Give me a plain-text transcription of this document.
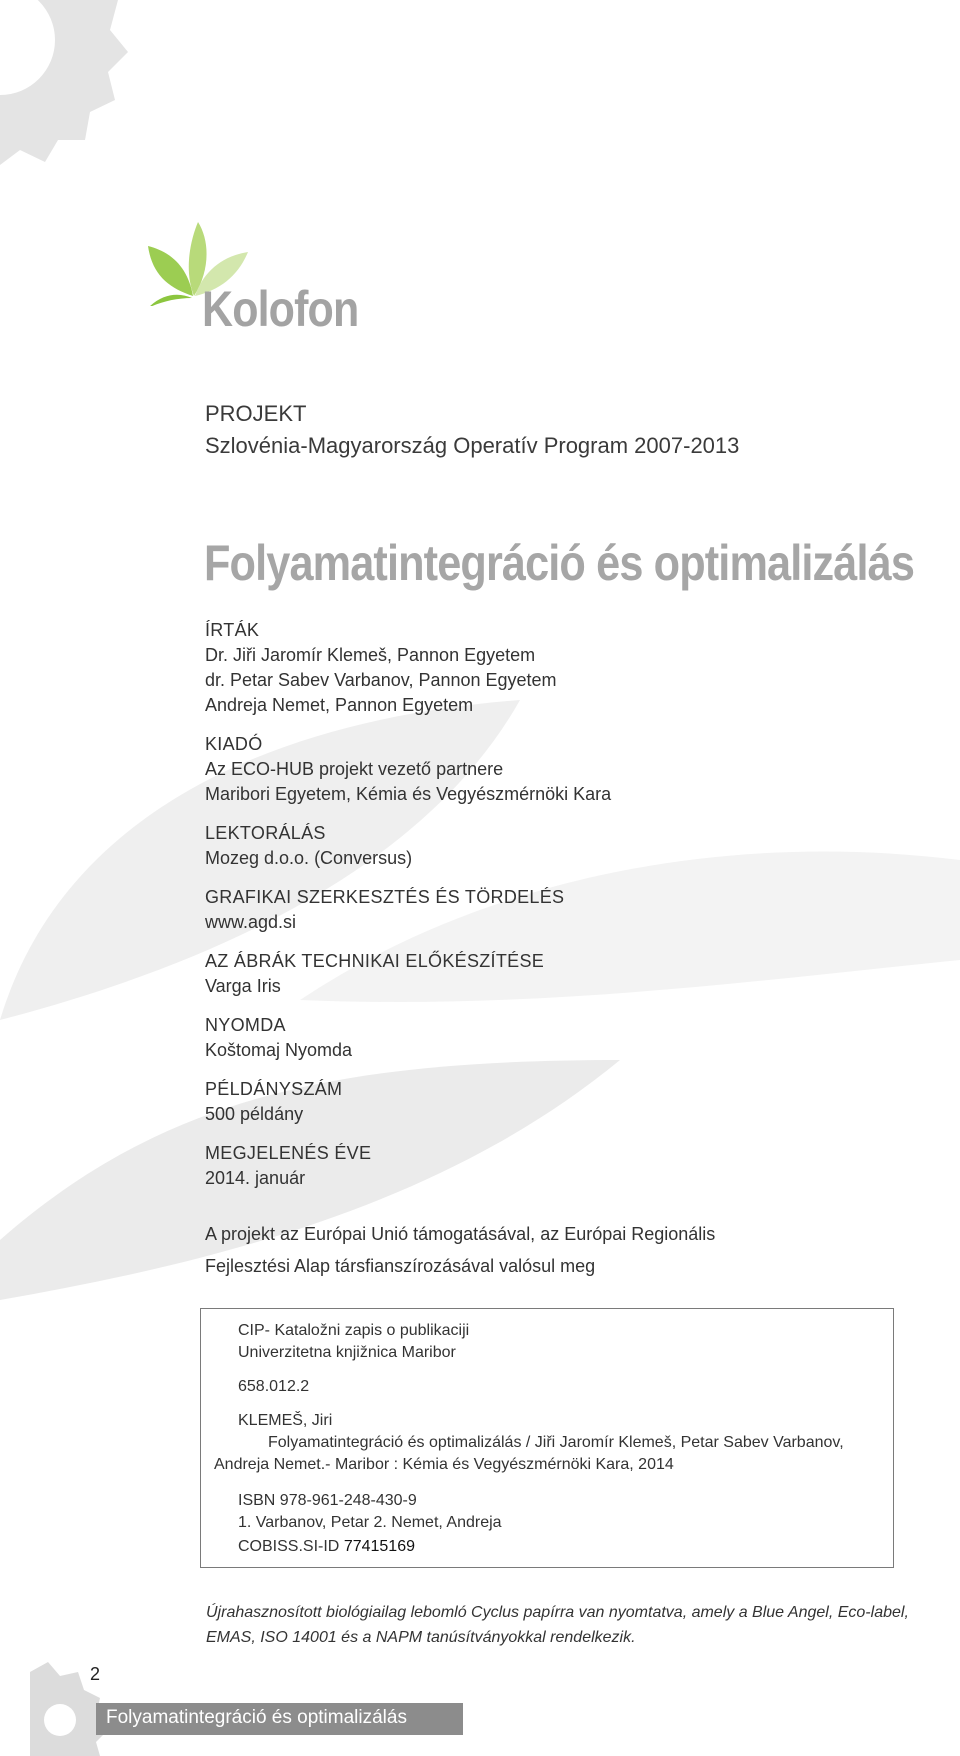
Kolofon
PROJEKT
Szlovénia-Magyarország Operatív Program 2007-2013
Folyamatintegráció és optimalizálás
ÍRTÁK
Dr. Jiři Jaromír Klemeš, Pannon Egyetem
dr. Petar Sabev Varbanov, Pannon Egyetem
Andreja Nemet, Pannon Egyetem
KIADÓ
Az ECO-HUB projekt vezető partnere
Maribori Egyetem, Kémia és Vegyészmérnöki Kara
LEKTORÁLÁS
Mozeg d.o.o. (Conversus)
GRAFIKAI SZERKESZTÉS ÉS TÖRDELÉS
www.agd.si
AZ ÁBRÁK TECHNIKAI ELŐKÉSZÍTÉSE
Varga Iris
NYOMDA
Koštomaj Nyomda
PÉLDÁNYSZÁM
500 példány
MEGJELENÉS ÉVE
2014. január
A projekt az Európai Unió támogatásával, az Európai Regionális
Fejlesztési Alap társfianszírozásával valósul meg
CIP- Kataložni zapis o publikaciji
Univerzitetna knjižnica Maribor
658.012.2
KLEMEŠ, Jiri
Folyamatintegráció és optimalizálás / Jiři Jaromír Klemeš, Petar Sabev Varbanov,
Andreja Nemet.- Maribor : Kémia és Vegyészmérnöki Kara, 2014
ISBN 978-961-248-430-9
1. Varbanov, Petar 2. Nemet, Andreja
COBISS.SI-ID 77415169
Újrahasznosított biológiailag lebomló Cyclus papírra van nyomtatva, amely a Blue Angel, Eco-label,
EMAS, ISO 14001 és a NAPM tanúsítványokkal rendelkezik.
2
Folyamatintegráció és optimalizálás
